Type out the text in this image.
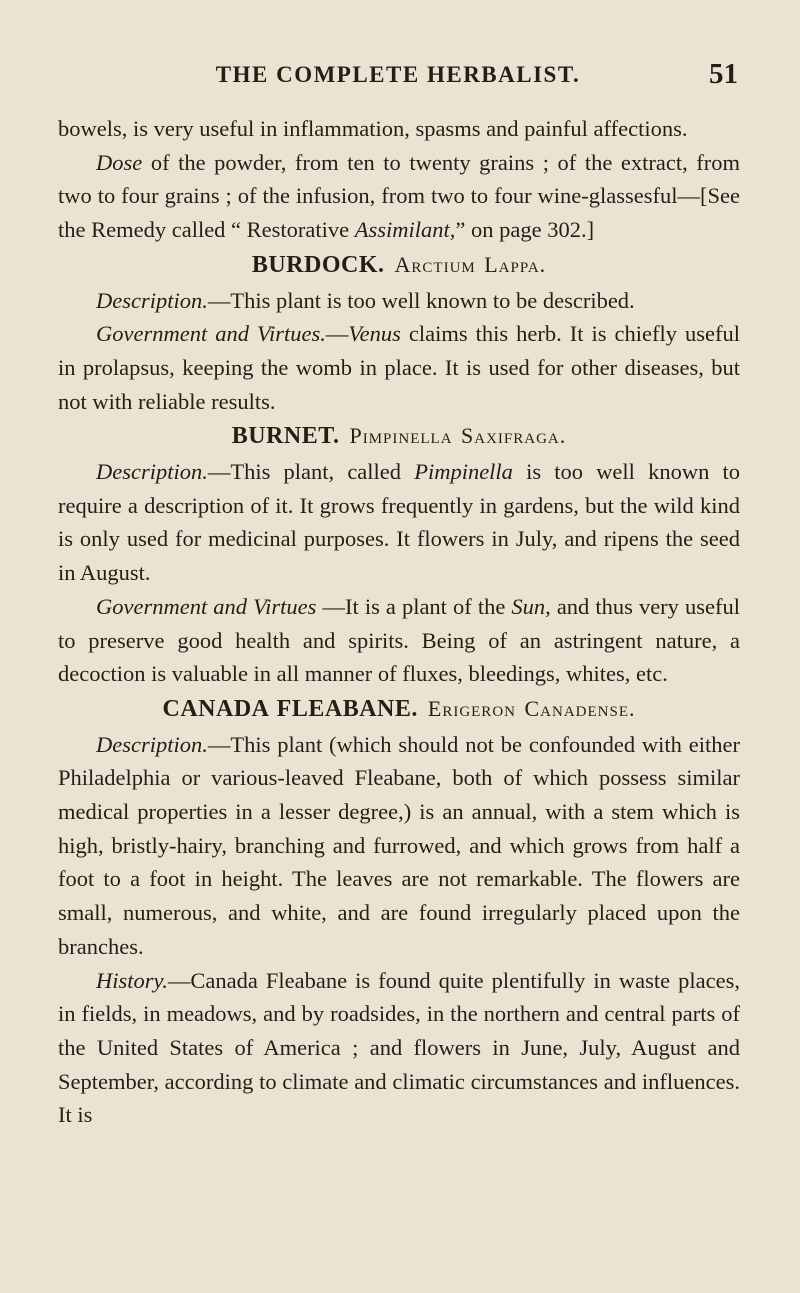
THE COMPLETE HERBALIST.	51

bowels, is very useful in inflammation, spasms and painful affections.

Dose of the powder, from ten to twenty grains ; of the extract, from two to four grains ; of the infusion, from two to four wine-glassesful—[See the Remedy called “ Restorative Assimilant,” on page 302.]

BURDOCK. Arctium Lappa.

Description.—This plant is too well known to be described.

Government and Virtues.—Venus claims this herb. It is chiefly useful in prolapsus, keeping the womb in place. It is used for other diseases, but not with reliable results.

BURNET. Pimpinella Saxifraga.

Description.—This plant, called Pimpinella is too well known to require a description of it. It grows frequently in gardens, but the wild kind is only used for medicinal purposes. It flowers in July, and ripens the seed in August.

Government and Virtues —It is a plant of the Sun, and thus very useful to preserve good health and spirits. Being of an astringent nature, a decoction is valuable in all manner of fluxes, bleedings, whites, etc.

CANADA FLEABANE. Erigeron Canadense.

Description.—This plant (which should not be confounded with either Philadelphia or various-leaved Fleabane, both of which possess similar medical properties in a lesser degree,) is an annual, with a stem which is high, bristly-hairy, branching and furrowed, and which grows from half a foot to a foot in height. The leaves are not remarkable. The flowers are small, numerous, and white, and are found irregularly placed upon the branches.

History.—Canada Fleabane is found quite plentifully in waste places, in fields, in meadows, and by roadsides, in the northern and central parts of the United States of America ; and flowers in June, July, August and September, according to climate and climatic circumstances and influences. It is
